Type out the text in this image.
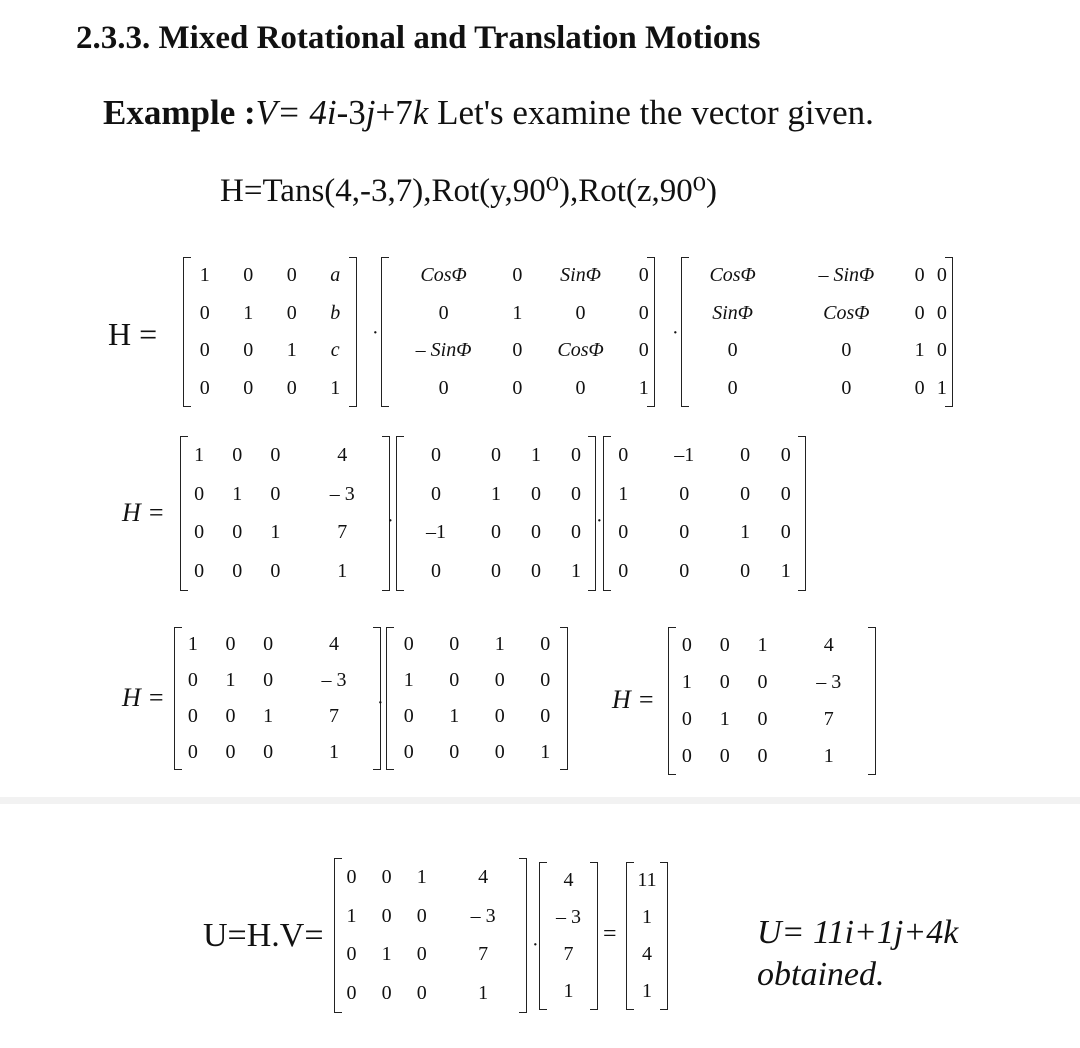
2.3.3. Mixed Rotational and Translation Motions
Example :V= 4i-3j+7k Let's examine the vector given.
H=Tans(4,-3,7),Rot(y,90⁰),Rot(z,90⁰)
H =
1	0	0	a
0	1	0	b
0	0	1	c
0	0	0	1
·
CosΦ	0	SinΦ	0
0	1	0	0
– SinΦ	0	CosΦ	0
0	0	0	1
·
CosΦ	– SinΦ	0	0
SinΦ	CosΦ	0	0
0	0	1	0
0	0	0	1
H =
1	0	0	4
0	1	0	– 3
0	0	1	7
0	0	0	1
·
0	0	1	0
0	1	0	0
–1	0	0	0
0	0	0	1
·
0	–1	0	0
1	0	0	0
0	0	1	0
0	0	0	1
H =
1	0	0	4
0	1	0	– 3
0	0	1	7
0	0	0	1
·
0	0	1	0
1	0	0	0
0	1	0	0
0	0	0	1
H =
0	0	1	4
1	0	0	– 3
0	1	0	7
0	0	0	1
U=H.V=
0	0	1	4
1	0	0	– 3
0	1	0	7
0	0	0	1
·
4
– 3
7
1
=
11
1
4
1
U= 11i+1j+4k
obtained.
